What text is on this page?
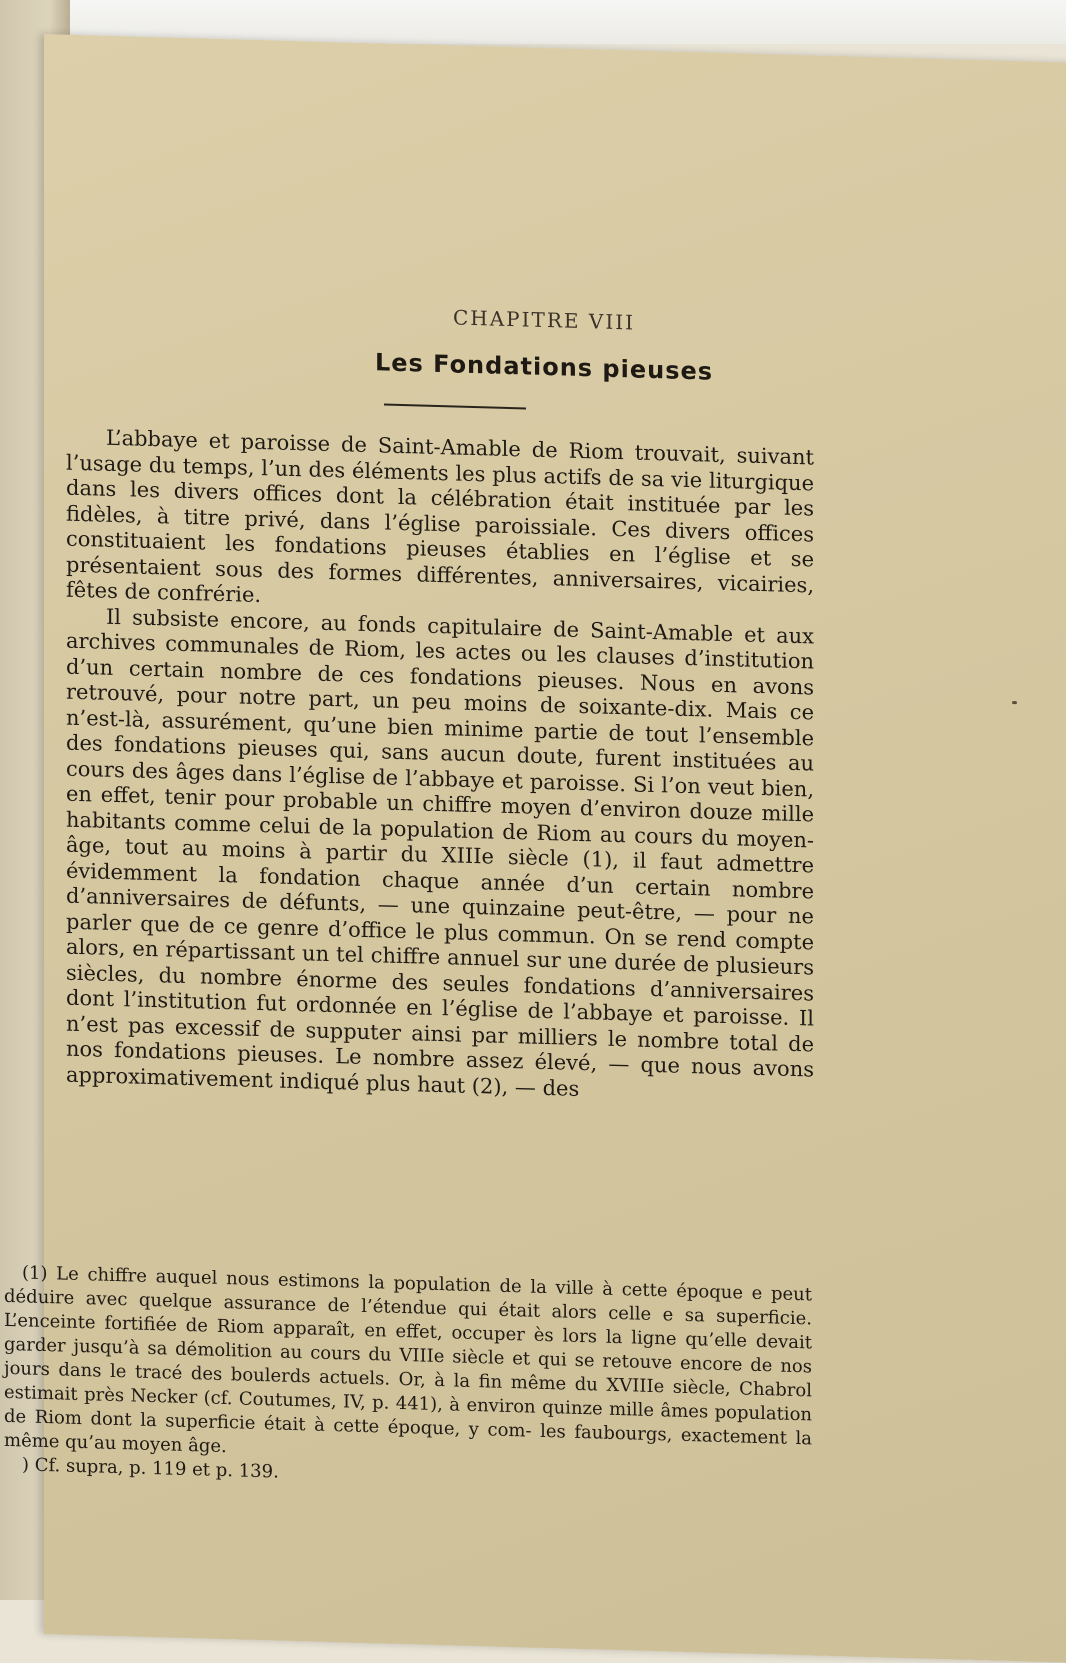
CHAPITRE VIII
Les Fondations pieuses

L’abbaye et paroisse de Saint-Amable de Riom trouvait, suivant l’usage du temps, l’un des éléments les plus actifs de sa vie liturgique dans les divers offices dont la célébration était instituée par les fidèles, à titre privé, dans l’église paroissiale. Ces divers offices constituaient les fondations pieuses établies en l’église et se présentaient sous des formes différentes, anniversaires, vicairies, fêtes de confrérie.

Il subsiste encore, au fonds capitulaire de Saint-Amable et aux archives communales de Riom, les actes ou les clauses d’institution d’un certain nombre de ces fondations pieuses. Nous en avons retrouvé, pour notre part, un peu moins de soixante-dix. Mais ce n’est-là, assurément, qu’une bien minime partie de tout l’ensemble des fondations pieuses qui, sans aucun doute, furent instituées au cours des âges dans l’église de l’abbaye et paroisse. Si l’on veut bien, en effet, tenir pour probable un chiffre moyen d’environ douze mille habitants comme celui de la population de Riom au cours du moyen-âge, tout au moins à partir du XIIIe siècle (1), il faut admettre évidemment la fondation chaque année d’un certain nombre d’anniversaires de défunts, — une quinzaine peut-être, — pour ne parler que de ce genre d’office le plus commun. On se rend compte alors, en répartissant un tel chiffre annuel sur une durée de plusieurs siècles, du nombre énorme des seules fondations d’anniversaires dont l’institution fut ordonnée en l’église de l’abbaye et paroisse. Il n’est pas excessif de supputer ainsi par milliers le nombre total de nos fondations pieuses. Le nombre assez élevé, — que nous avons approximativement indiqué plus haut (2), — des

(1) Le chiffre auquel nous estimons la population de la ville à cette époque e peut déduire avec quelque assurance de l’étendue qui était alors celle e sa superficie. L’enceinte fortifiée de Riom apparaît, en effet, occuper ès lors la ligne qu’elle devait garder jusqu’à sa démolition au cours du VIIIe siècle et qui se retouve encore de nos jours dans le tracé des boulerds actuels. Or, à la fin même du XVIIIe siècle, Chabrol estimait près Necker (cf. Coutumes, IV, p. 441), à environ quinze mille âmes population de Riom dont la superficie était à cette époque, y com- les faubourgs, exactement la même qu’au moyen âge.

) Cf. supra, p. 119 et p. 139.
